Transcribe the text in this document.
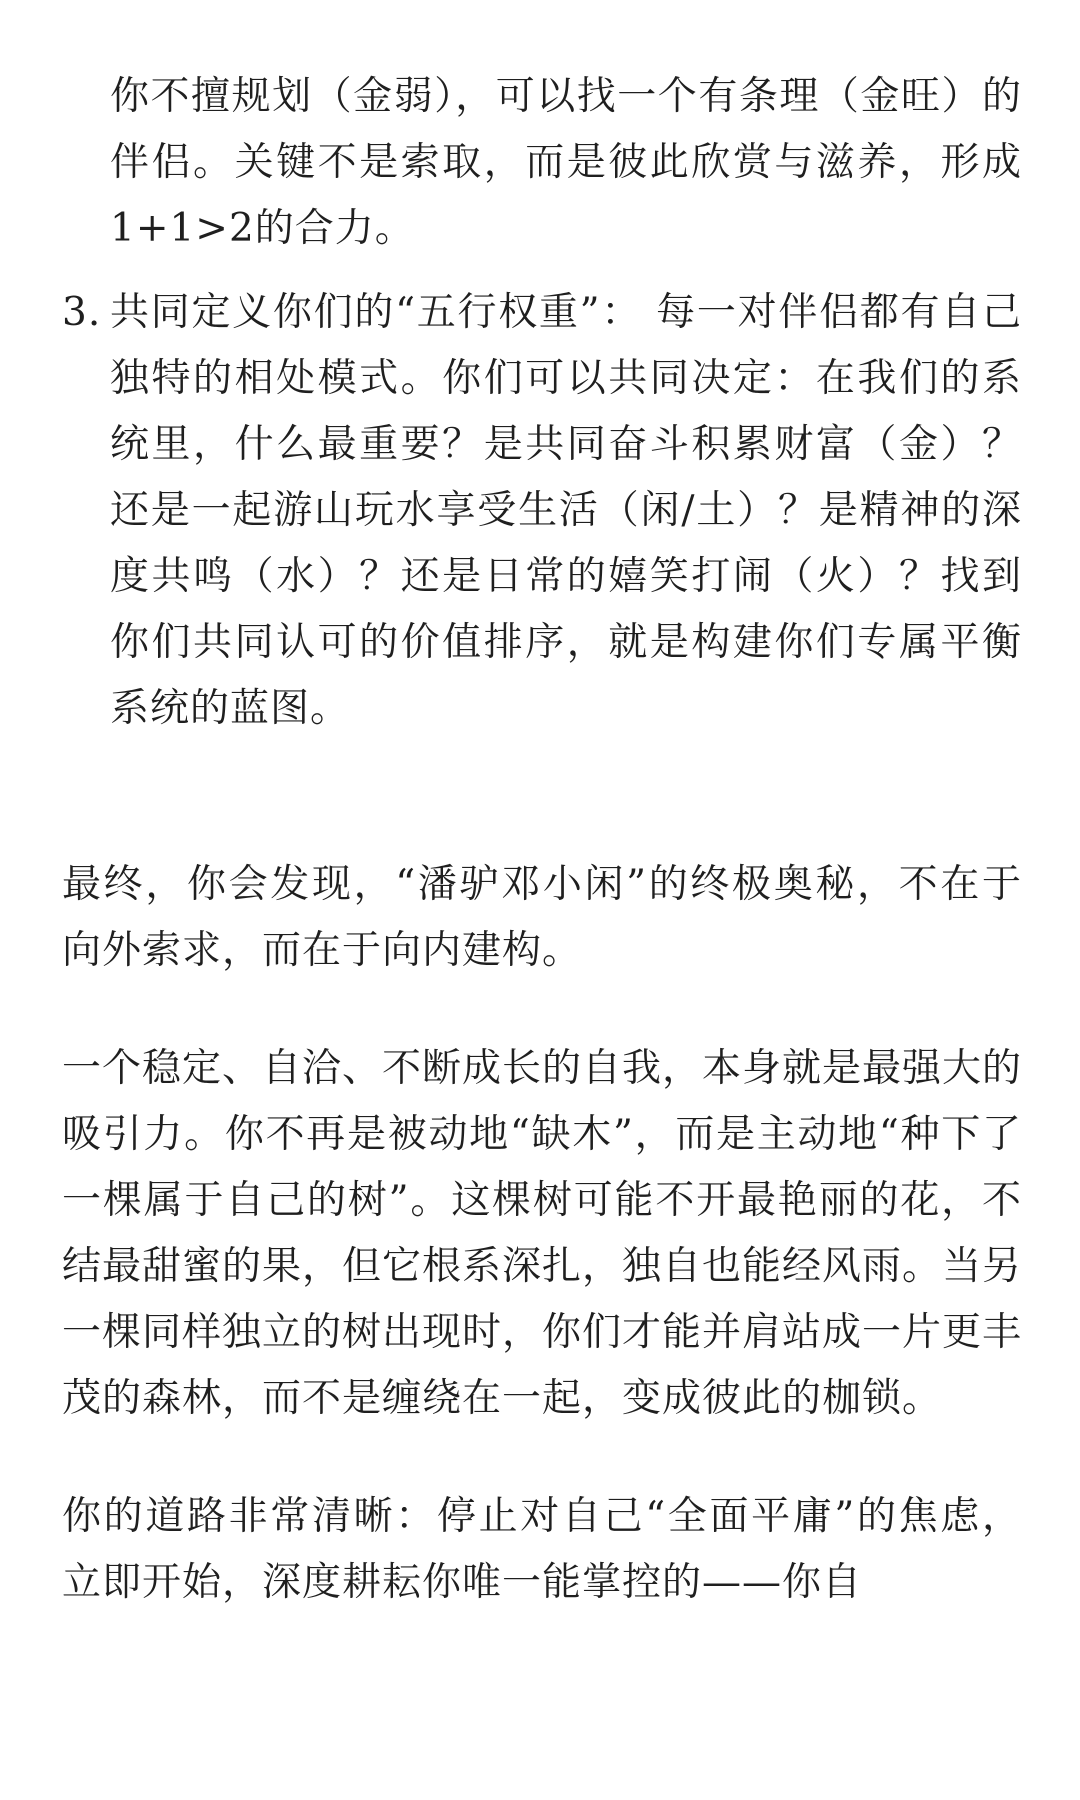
你不擅规划（金弱），可以找一个有条理（金旺）的伴侣。关键不是索取，而是彼此欣赏与滋养，形成1+1>2的合力。
3. 共同定义你们的“五行权重”： 每一对伴侣都有自己独特的相处模式。你们可以共同决定：在我们的系统里，什么最重要？是共同奋斗积累财富（金）？还是一起游山玩水享受生活（闲/土）？是精神的深度共鸣（水）？还是日常的嬉笑打闹（火）？找到你们共同认可的价值排序，就是构建你们专属平衡系统的蓝图。

最终，你会发现，“潘驴邓小闲”的终极奥秘，不在于向外索求，而在于向内建构。

一个稳定、自洽、不断成长的自我，本身就是最强大的吸引力。你不再是被动地“缺木”，而是主动地“种下了一棵属于自己的树”。这棵树可能不开最艳丽的花，不结最甜蜜的果，但它根系深扎，独自也能经风雨。当另一棵同样独立的树出现时，你们才能并肩站成一片更丰茂的森林，而不是缠绕在一起，变成彼此的枷锁。

你的道路非常清晰：停止对自己“全面平庸”的焦虑，立即开始，深度耕耘你唯一能掌控的——你自
